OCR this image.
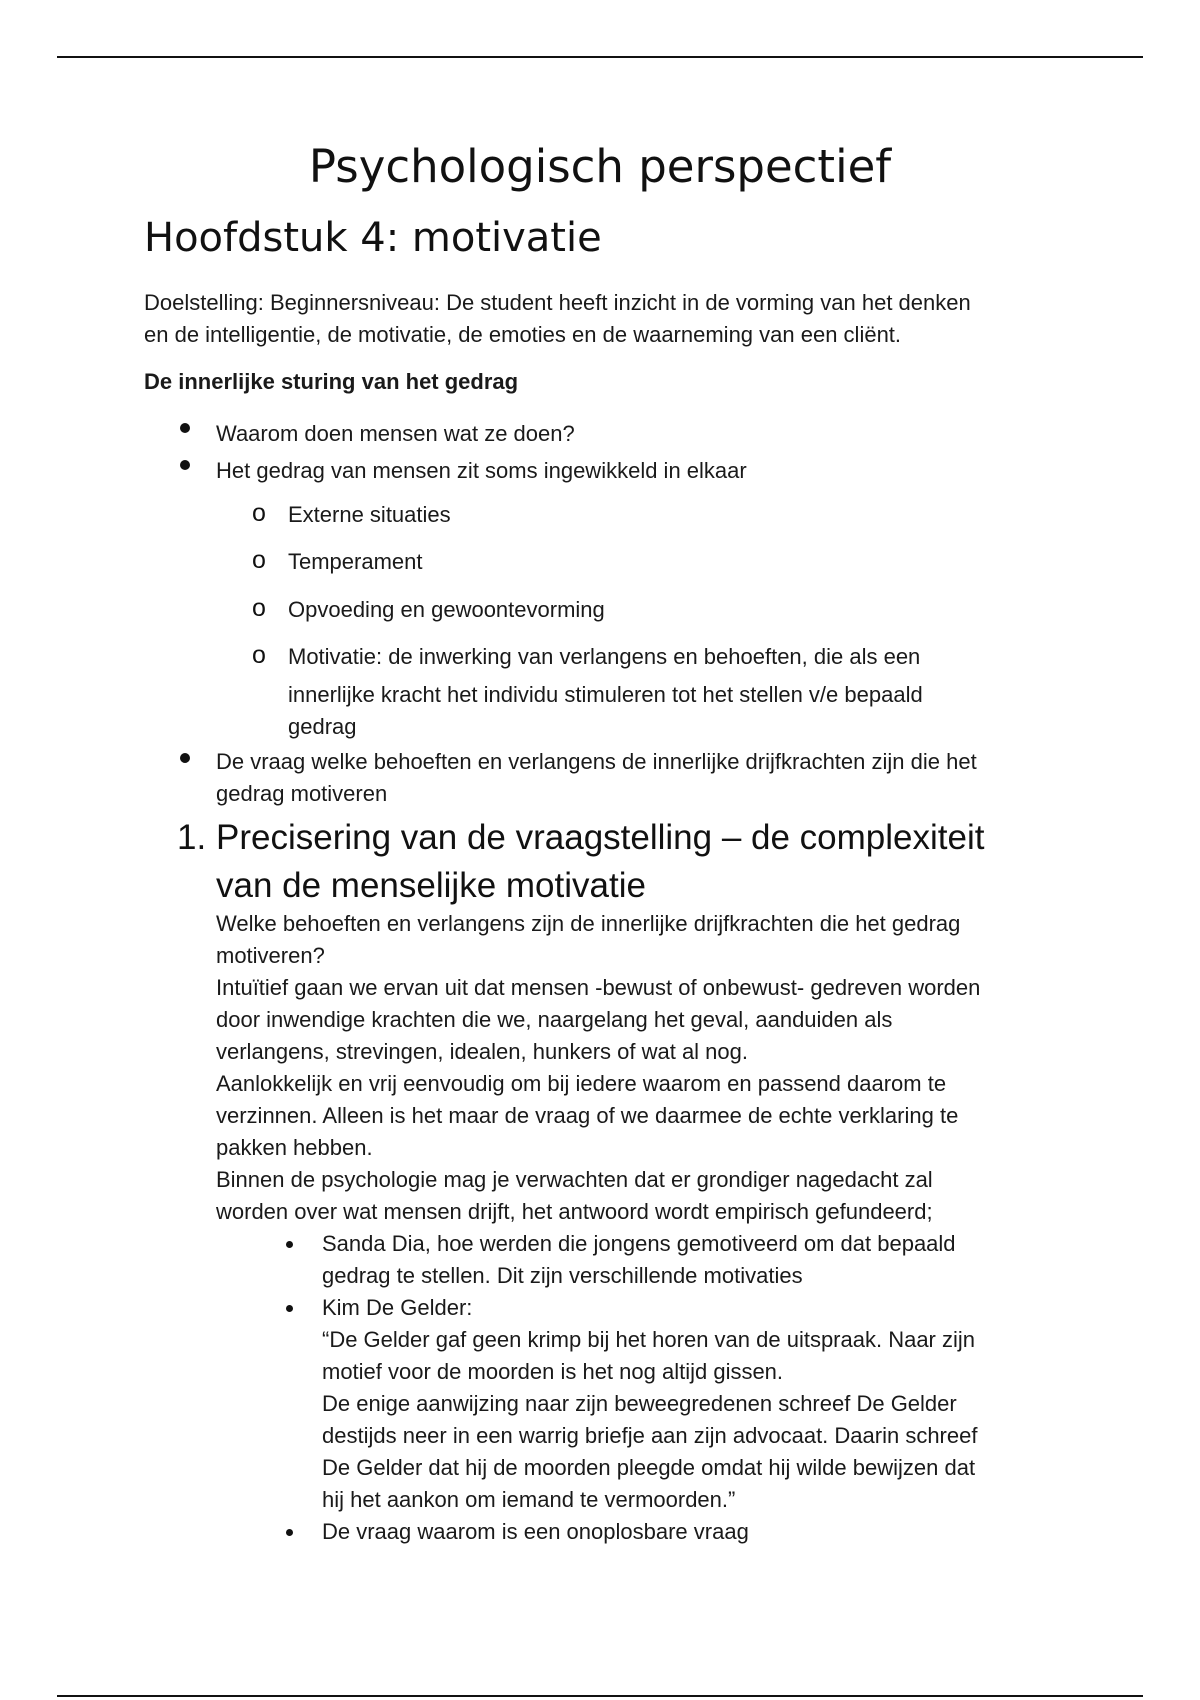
Psychologisch perspectief
Hoofdstuk 4: motivatie
Doelstelling: Beginnersniveau: De student heeft inzicht in de vorming van het denken
en de intelligentie, de motivatie, de emoties en de waarneming van een cliënt.
De innerlijke sturing van het gedrag
Waarom doen mensen wat ze doen?
Het gedrag van mensen zit soms ingewikkeld in elkaar
o Externe situaties
o Temperament
o Opvoeding en gewoontevorming
o Motivatie: de inwerking van verlangens en behoeften, die als een
innerlijke kracht het individu stimuleren tot het stellen v/e bepaald
gedrag
De vraag welke behoeften en verlangens de innerlijke drijfkrachten zijn die het
gedrag motiveren
1. Precisering van de vraagstelling – de complexiteit
van de menselijke motivatie
Welke behoeften en verlangens zijn de innerlijke drijfkrachten die het gedrag
motiveren?
Intuïtief gaan we ervan uit dat mensen -bewust of onbewust- gedreven worden
door inwendige krachten die we, naargelang het geval, aanduiden als
verlangens, strevingen, idealen, hunkers of wat al nog.
Aanlokkelijk en vrij eenvoudig om bij iedere waarom en passend daarom te
verzinnen. Alleen is het maar de vraag of we daarmee de echte verklaring te
pakken hebben.
Binnen de psychologie mag je verwachten dat er grondiger nagedacht zal
worden over wat mensen drijft, het antwoord wordt empirisch gefundeerd;
Sanda Dia, hoe werden die jongens gemotiveerd om dat bepaald
gedrag te stellen. Dit zijn verschillende motivaties
Kim De Gelder:
“De Gelder gaf geen krimp bij het horen van de uitspraak. Naar zijn
motief voor de moorden is het nog altijd gissen.
De enige aanwijzing naar zijn beweegredenen schreef De Gelder
destijds neer in een warrig briefje aan zijn advocaat. Daarin schreef
De Gelder dat hij de moorden pleegde omdat hij wilde bewijzen dat
hij het aankon om iemand te vermoorden.”
De vraag waarom is een onoplosbare vraag
